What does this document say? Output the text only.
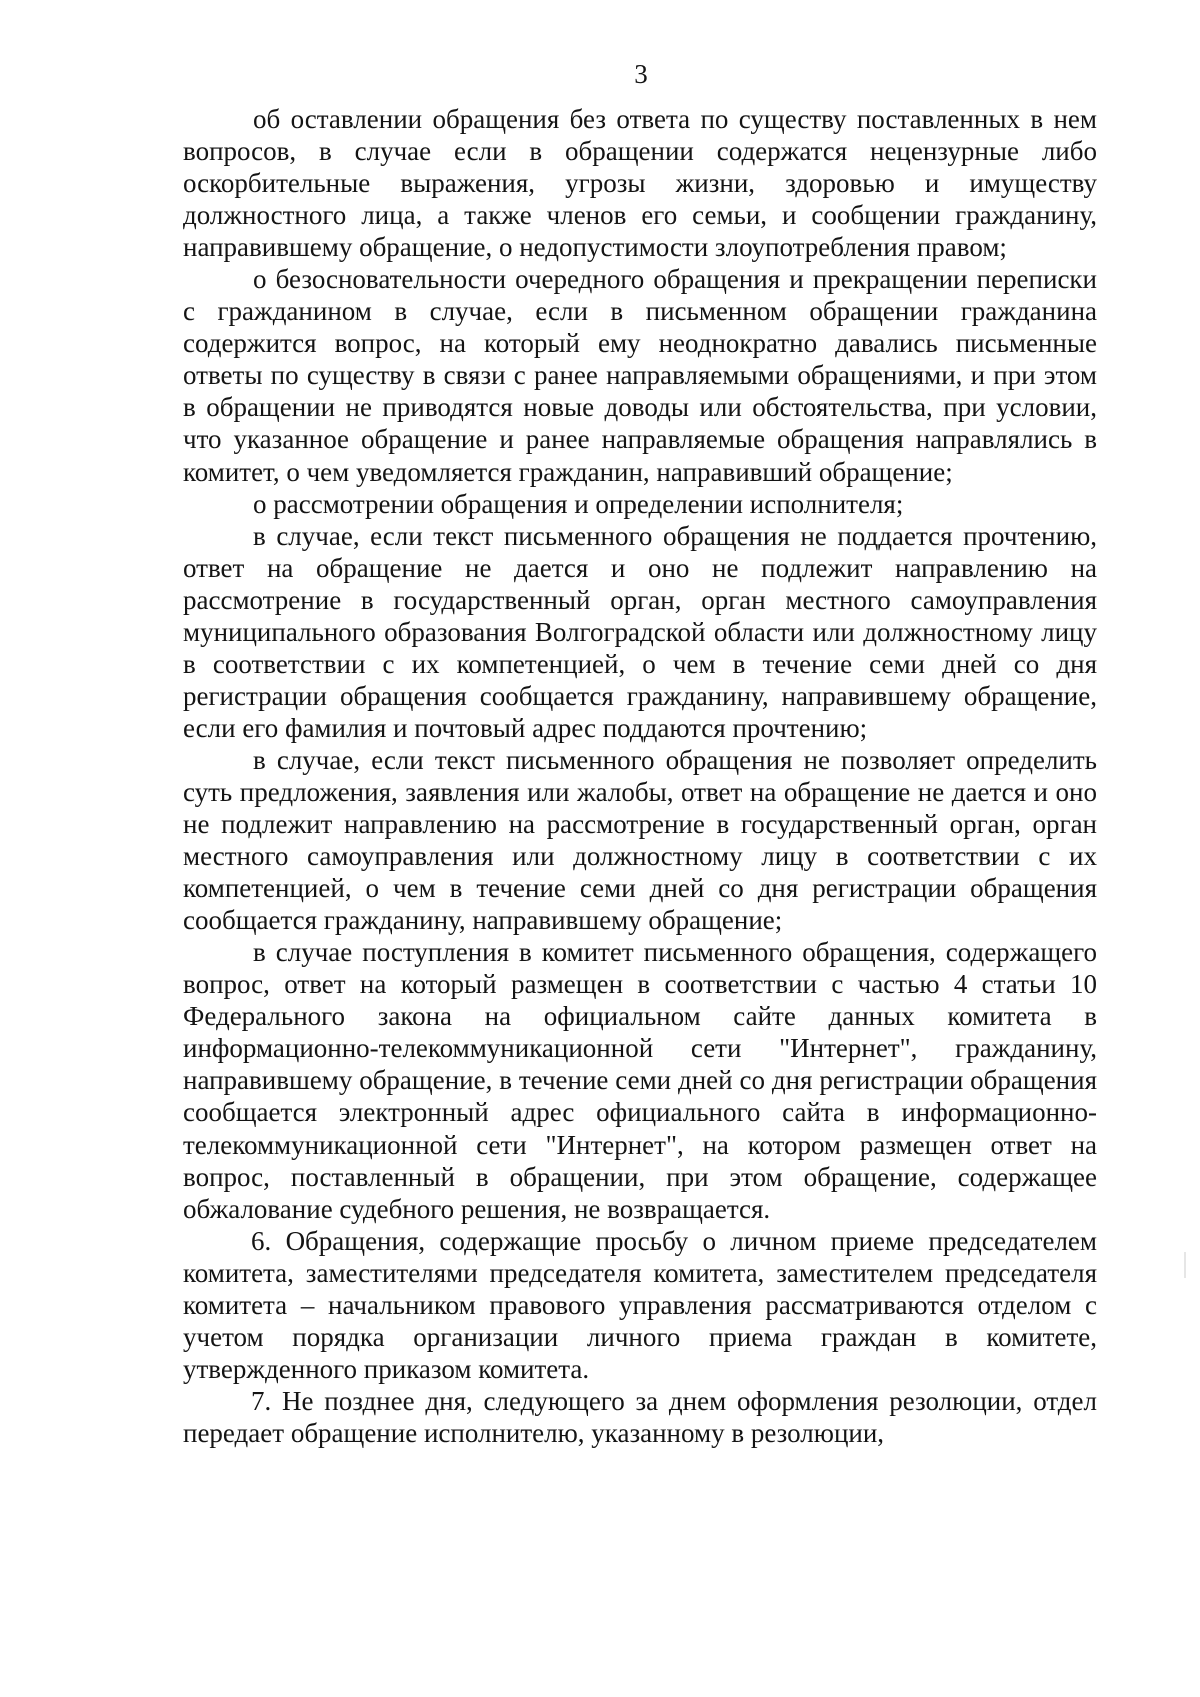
3

об оставлении обращения без ответа по существу поставленных в нем вопросов, в случае если в обращении содержатся нецензурные либо оскорбительные выражения, угрозы жизни, здоровью и имуществу должностного лица, а также членов его семьи, и сообщении гражданину, направившему обращение, о недопустимости злоупотребления правом;

о безосновательности очередного обращения и прекращении переписки с гражданином в случае, если в письменном обращении гражданина содержится вопрос, на который ему неоднократно давались письменные ответы по существу в связи с ранее направляемыми обращениями, и при этом в обращении не приводятся новые доводы или обстоятельства, при условии, что указанное обращение и ранее направляемые обращения направлялись в комитет, о чем уведомляется гражданин, направивший обращение;

о рассмотрении обращения и определении исполнителя;

в случае, если текст письменного обращения не поддается прочтению, ответ на обращение не дается и оно не подлежит направлению на рассмотрение в государственный орган, орган местного самоуправления муниципального образования Волгоградской области или должностному лицу в соответствии с их компетенцией, о чем в течение семи дней со дня регистрации обращения сообщается гражданину, направившему обращение, если его фамилия и почтовый адрес поддаются прочтению;

в случае, если текст письменного обращения не позволяет определить суть предложения, заявления или жалобы, ответ на обращение не дается и оно не подлежит направлению на рассмотрение в государственный орган, орган местного самоуправления или должностному лицу в соответствии с их компетенцией, о чем в течение семи дней со дня регистрации обращения сообщается гражданину, направившему обращение;

в случае поступления в комитет письменного обращения, содержащего вопрос, ответ на который размещен в соответствии с частью 4 статьи 10 Федерального закона на официальном сайте данных комитета в информационно-телекоммуникационной сети "Интернет", гражданину, направившему обращение, в течение семи дней со дня регистрации обращения сообщается электронный адрес официального сайта в информационно-телекоммуникационной сети "Интернет", на котором размещен ответ на вопрос, поставленный в обращении, при этом обращение, содержащее обжалование судебного решения, не возвращается.

6. Обращения, содержащие просьбу о личном приеме председателем комитета, заместителями председателя комитета, заместителем председателя комитета – начальником правового управления рассматриваются отделом с учетом порядка организации личного приема граждан в комитете, утвержденного приказом комитета.

7. Не позднее дня, следующего за днем оформления резолюции, отдел передает обращение исполнителю, указанному в резолюции,
